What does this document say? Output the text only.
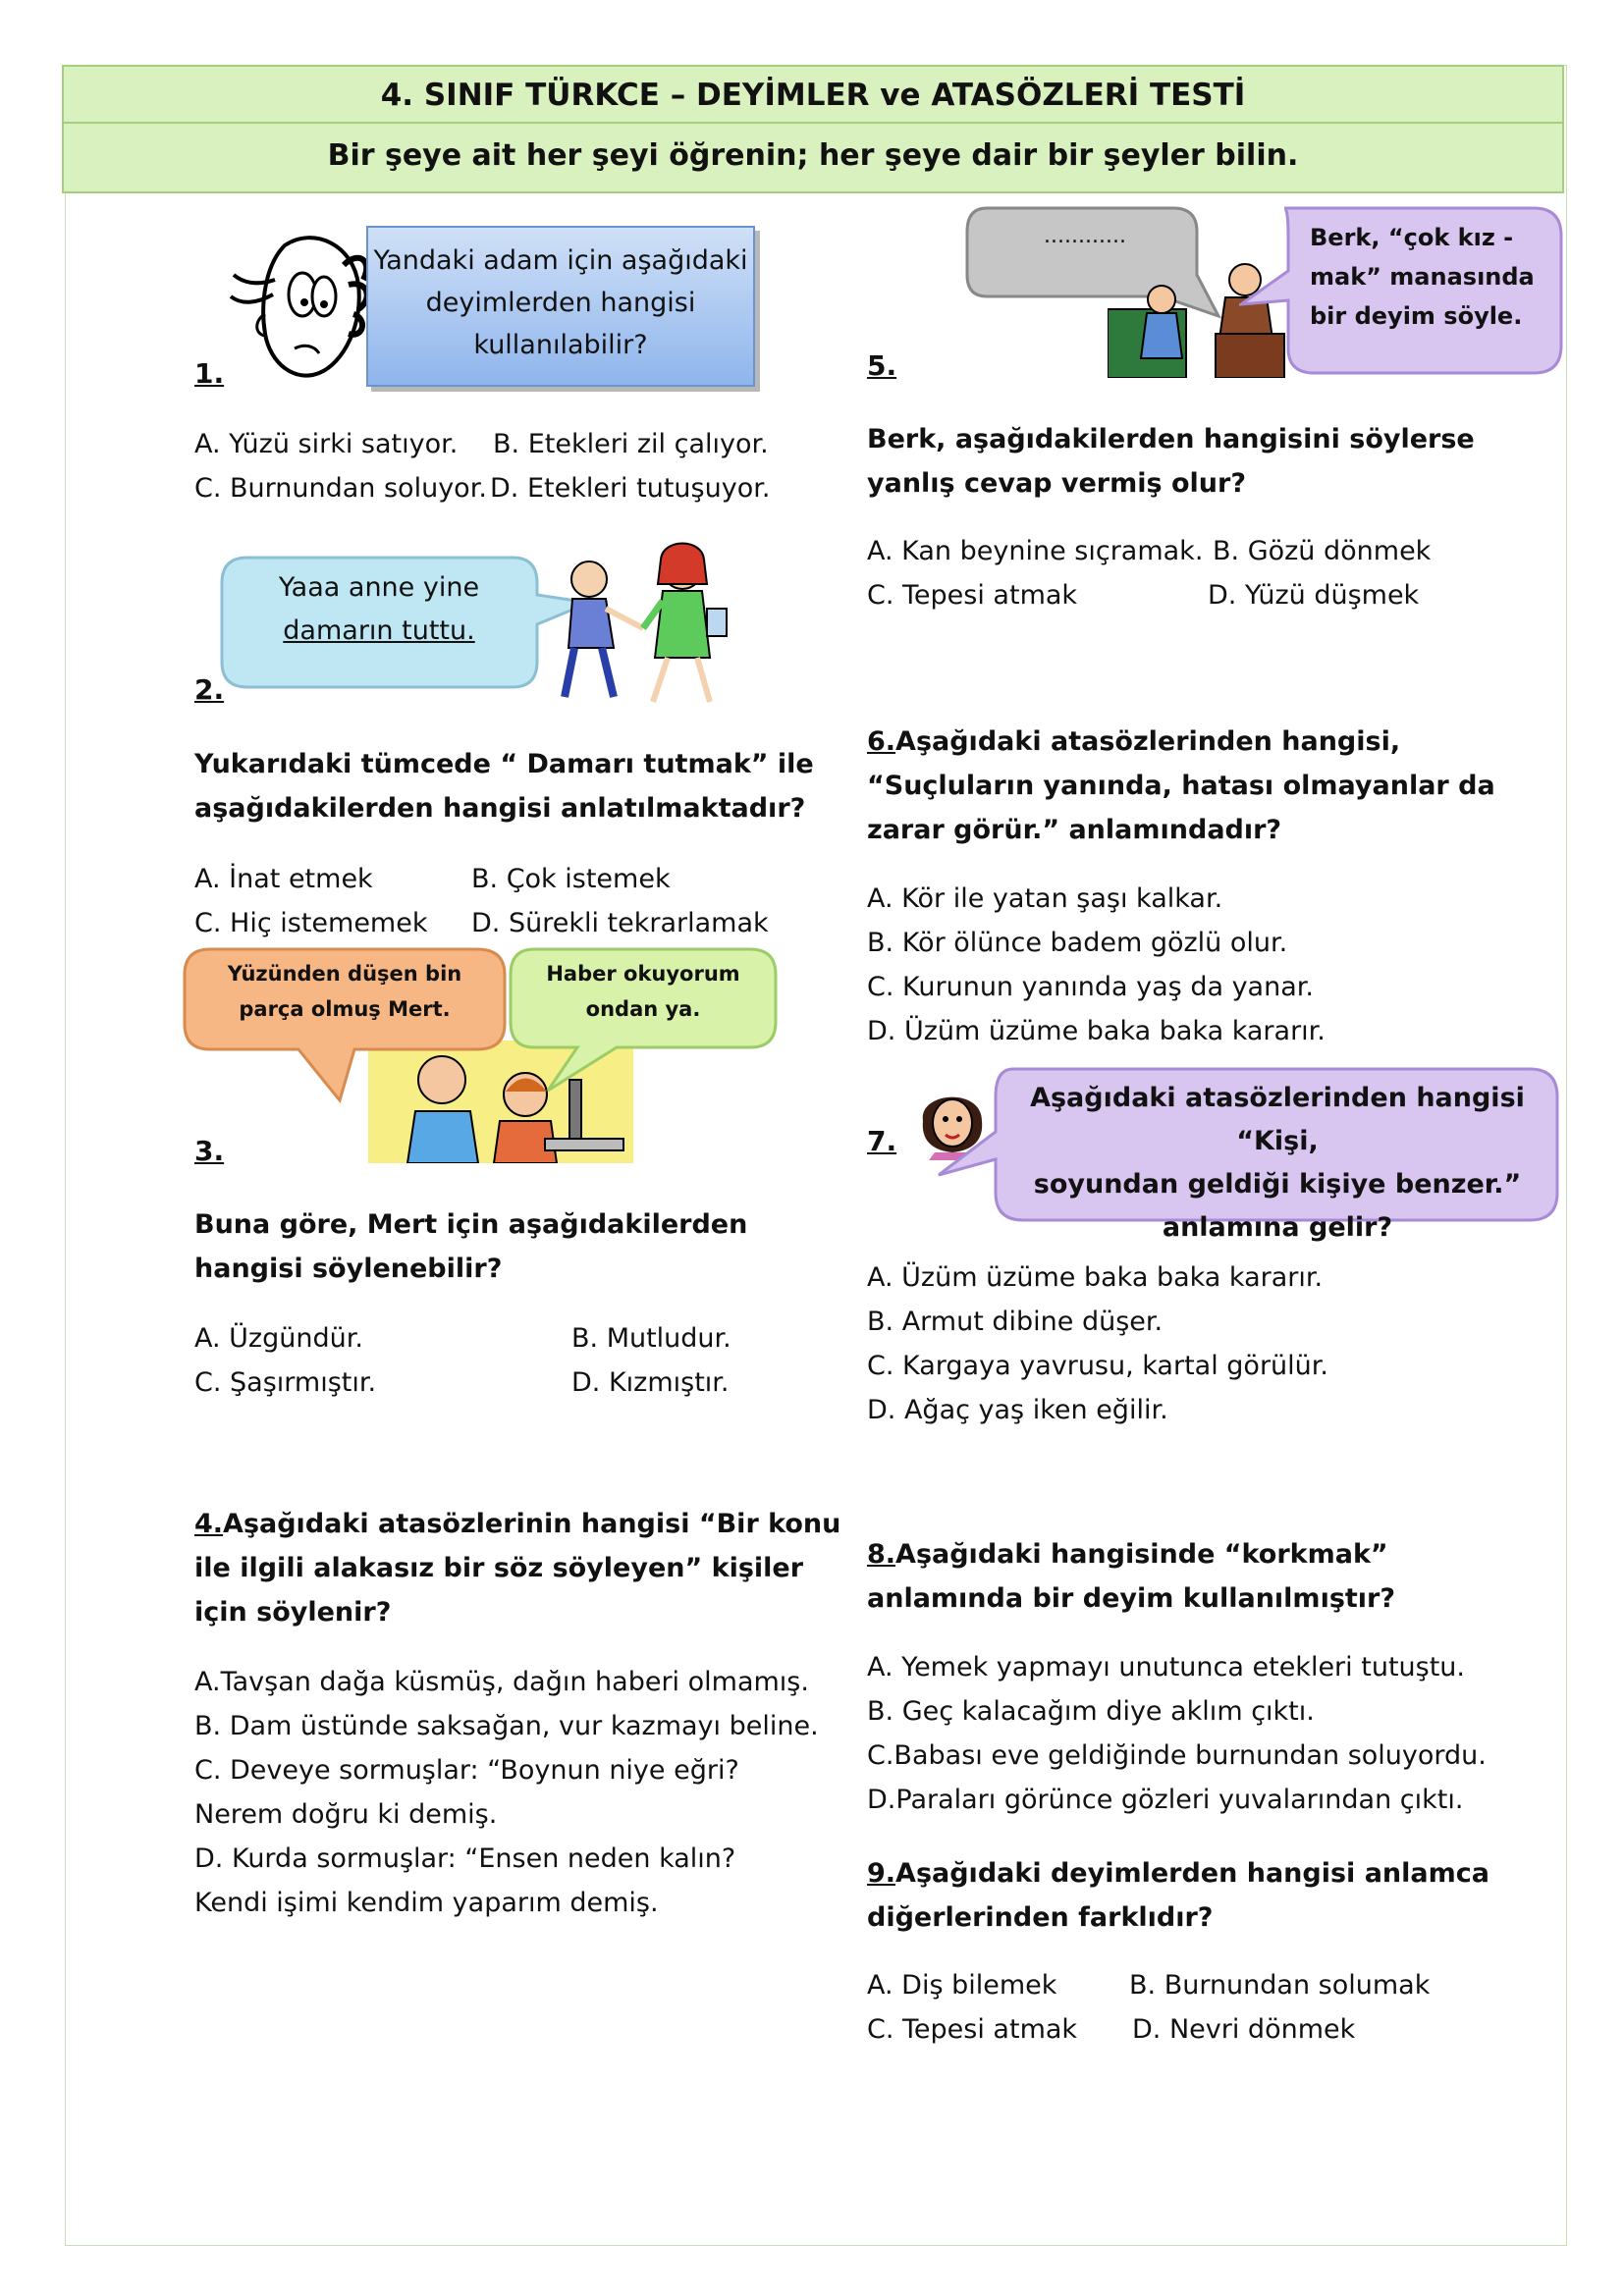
4. SINIF TÜRKCE – DEYİMLER ve ATASÖZLERİ TESTİ
Bir şeye ait her şeyi öğrenin; her şeye dair bir şeyler bilin.
Yandaki adam için aşağıdaki
deyimlerden hangisi
kullanılabilir?
1.
A. Yüzü sirki satıyor. B. Etekleri zil çalıyor.
C. Burnundan soluyor. D. Etekleri tutuşuyor.
Yaaa anne yine
damarın tuttu.
2.
Yukarıdaki tümcede “ Damarı tutmak” ile
aşağıdakilerden hangisi anlatılmaktadır?
A. İnat etmek	B. Çok istemek
C. Hiç istememek D. Sürekli tekrarlamak
Yüzünden düşen bin
parça olmuş Mert.
Haber okuyorum
ondan ya.
3.
Buna göre, Mert için aşağıdakilerden
hangisi söylenebilir?
A. Üzgündür.	B. Mutludur.
C. Şaşırmıştır.	D. Kızmıştır.
4.Aşağıdaki atasözlerinin hangisi “Bir konu
ile ilgili alakasız bir söz söyleyen” kişiler
için söylenir?
A.Tavşan dağa küsmüş, dağın haberi olmamış.
B. Dam üstünde saksağan, vur kazmayı beline.
C. Deveye sormuşlar: “Boynun niye eğri?
Nerem doğru ki demiş.
D. Kurda sormuşlar: “Ensen neden kalın?
Kendi işimi kendim yaparım demiş.
............	Berk, “çok kız -
mak” manasında
bir deyim söyle.
5.
Berk, aşağıdakilerden hangisini söylerse
yanlış cevap vermiş olur?
A. Kan beynine sıçramak. B. Gözü dönmek
C. Tepesi atmak	D. Yüzü düşmek
6.Aşağıdaki atasözlerinden hangisi,
“Suçluların yanında, hatası olmayanlar da
zarar görür.” anlamındadır?
A. Kör ile yatan şaşı kalkar.
B. Kör ölünce badem gözlü olur.
C. Kurunun yanında yaş da yanar.
D. Üzüm üzüme baka baka kararır.
7.
Aşağıdaki atasözlerinden hangisi “Kişi,
soyundan geldiği kişiye benzer.”
anlamına gelir?
A. Üzüm üzüme baka baka kararır.
B. Armut dibine düşer.
C. Kargaya yavrusu, kartal görülür.
D. Ağaç yaş iken eğilir.
8.Aşağıdaki hangisinde “korkmak”
anlamında bir deyim kullanılmıştır?
A. Yemek yapmayı unutunca etekleri tutuştu.
B. Geç kalacağım diye aklım çıktı.
C.Babası eve geldiğinde burnundan soluyordu.
D.Paraları görünce gözleri yuvalarından çıktı.
9.Aşağıdaki deyimlerden hangisi anlamca
diğerlerinden farklıdır?
A. Diş bilemek	B. Burnundan solumak
C. Tepesi atmak D. Nevri dönmek
